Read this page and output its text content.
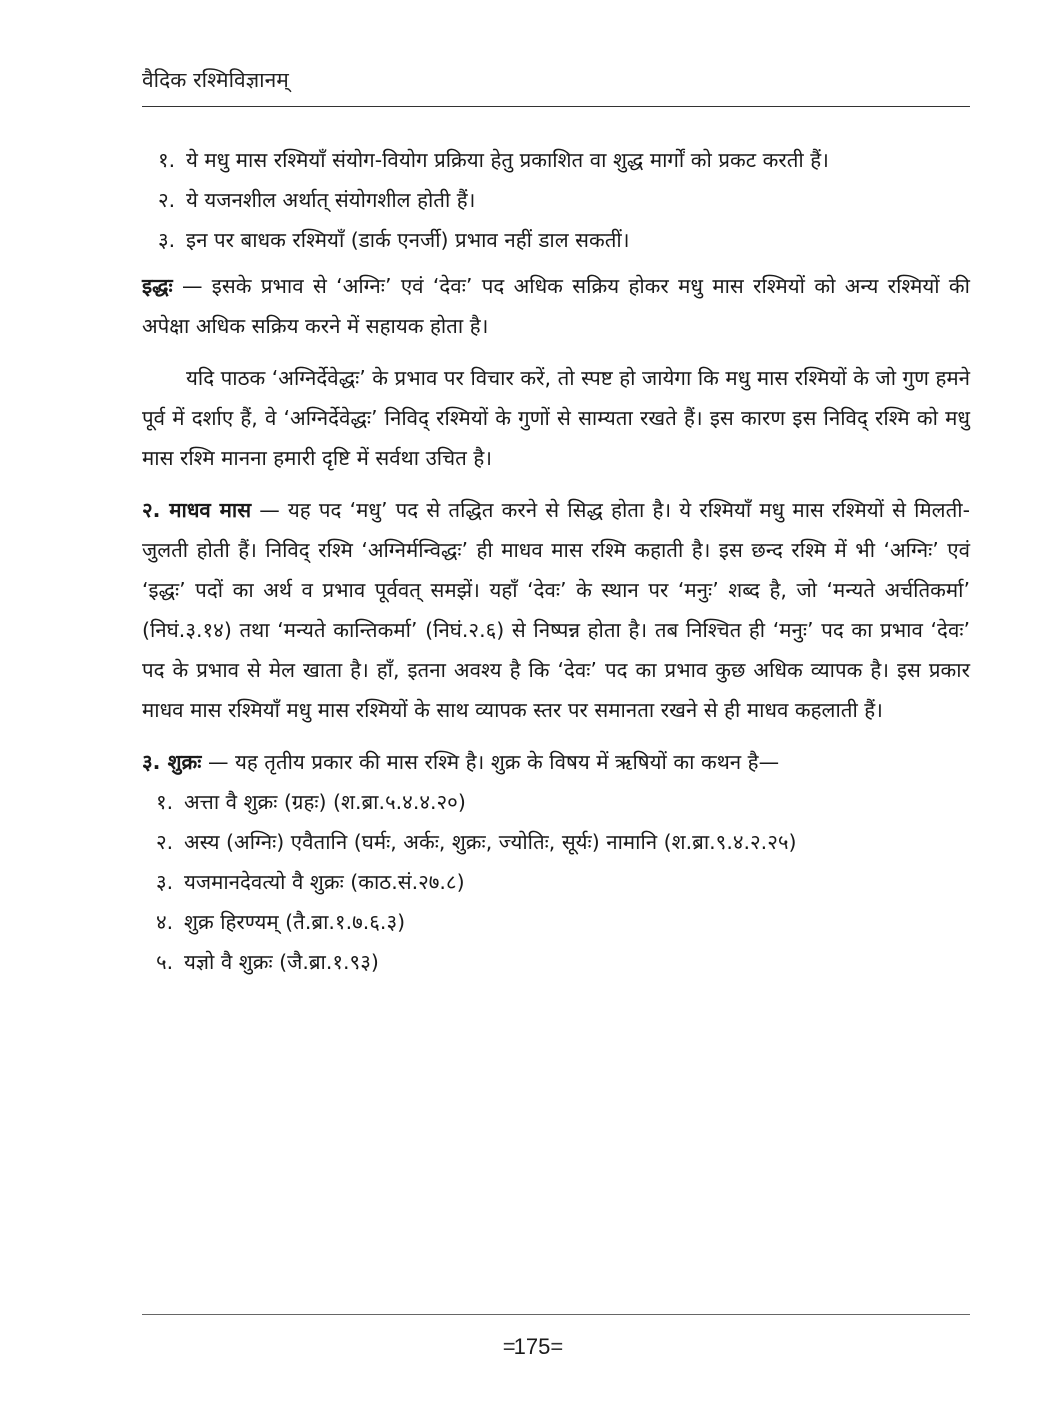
वैदिक रश्मिविज्ञानम्
१. ये मधु मास रश्मियाँ संयोग-वियोग प्रक्रिया हेतु प्रकाशित वा शुद्ध मार्गों को प्रकट करती हैं।
२. ये यजनशील अर्थात् संयोगशील होती हैं।
३. इन पर बाधक रश्मियाँ (डार्क एनर्जी) प्रभाव नहीं डाल सकतीं।

इद्धः — इसके प्रभाव से ‘अग्निः’ एवं ‘देवः’ पद अधिक सक्रिय होकर मधु मास रश्मियों को अन्य रश्मियों की अपेक्षा अधिक सक्रिय करने में सहायक होता है।

यदि पाठक ‘अग्निर्देवेद्धः’ के प्रभाव पर विचार करें, तो स्पष्ट हो जायेगा कि मधु मास रश्मियों के जो गुण हमने पूर्व में दर्शाए हैं, वे ‘अग्निर्देवेद्धः’ निविद् रश्मियों के गुणों से साम्यता रखते हैं। इस कारण इस निविद् रश्मि को मधु मास रश्मि मानना हमारी दृष्टि में सर्वथा उचित है।

२. माधव मास — यह पद ‘मधु’ पद से तद्धित करने से सिद्ध होता है। ये रश्मियाँ मधु मास रश्मियों से मिलती-जुलती होती हैं। निविद् रश्मि ‘अग्निर्मन्विद्धः’ ही माधव मास रश्मि कहाती है। इस छन्द रश्मि में भी ‘अग्निः’ एवं ‘इद्धः’ पदों का अर्थ व प्रभाव पूर्ववत् समझें। यहाँ ‘देवः’ के स्थान पर ‘मनुः’ शब्द है, जो ‘मन्यते अर्चतिकर्मा’ (निघं.३.१४) तथा ‘मन्यते कान्तिकर्मा’ (निघं.२.६) से निष्पन्न होता है। तब निश्चित ही ‘मनुः’ पद का प्रभाव ‘देवः’ पद के प्रभाव से मेल खाता है। हाँ, इतना अवश्य है कि ‘देवः’ पद का प्रभाव कुछ अधिक व्यापक है। इस प्रकार माधव मास रश्मियाँ मधु मास रश्मियों के साथ व्यापक स्तर पर समानता रखने से ही माधव कहलाती हैं।

३. शुक्रः — यह तृतीय प्रकार की मास रश्मि है। शुक्र के विषय में ऋषियों का कथन है—

१. अत्ता वै शुक्रः (ग्रहः) (श.ब्रा.५.४.४.२०)
२. अस्य (अग्निः) एवैतानि (घर्मः, अर्कः, शुक्रः, ज्योतिः, सूर्यः) नामानि (श.ब्रा.९.४.२.२५)
३. यजमानदेवत्यो वै शुक्रः (काठ.सं.२७.८)
४. शुक्र हिरण्यम् (तै.ब्रा.१.७.६.३)
५. यज्ञो वै शुक्रः (जै.ब्रा.१.९३)
=175=
